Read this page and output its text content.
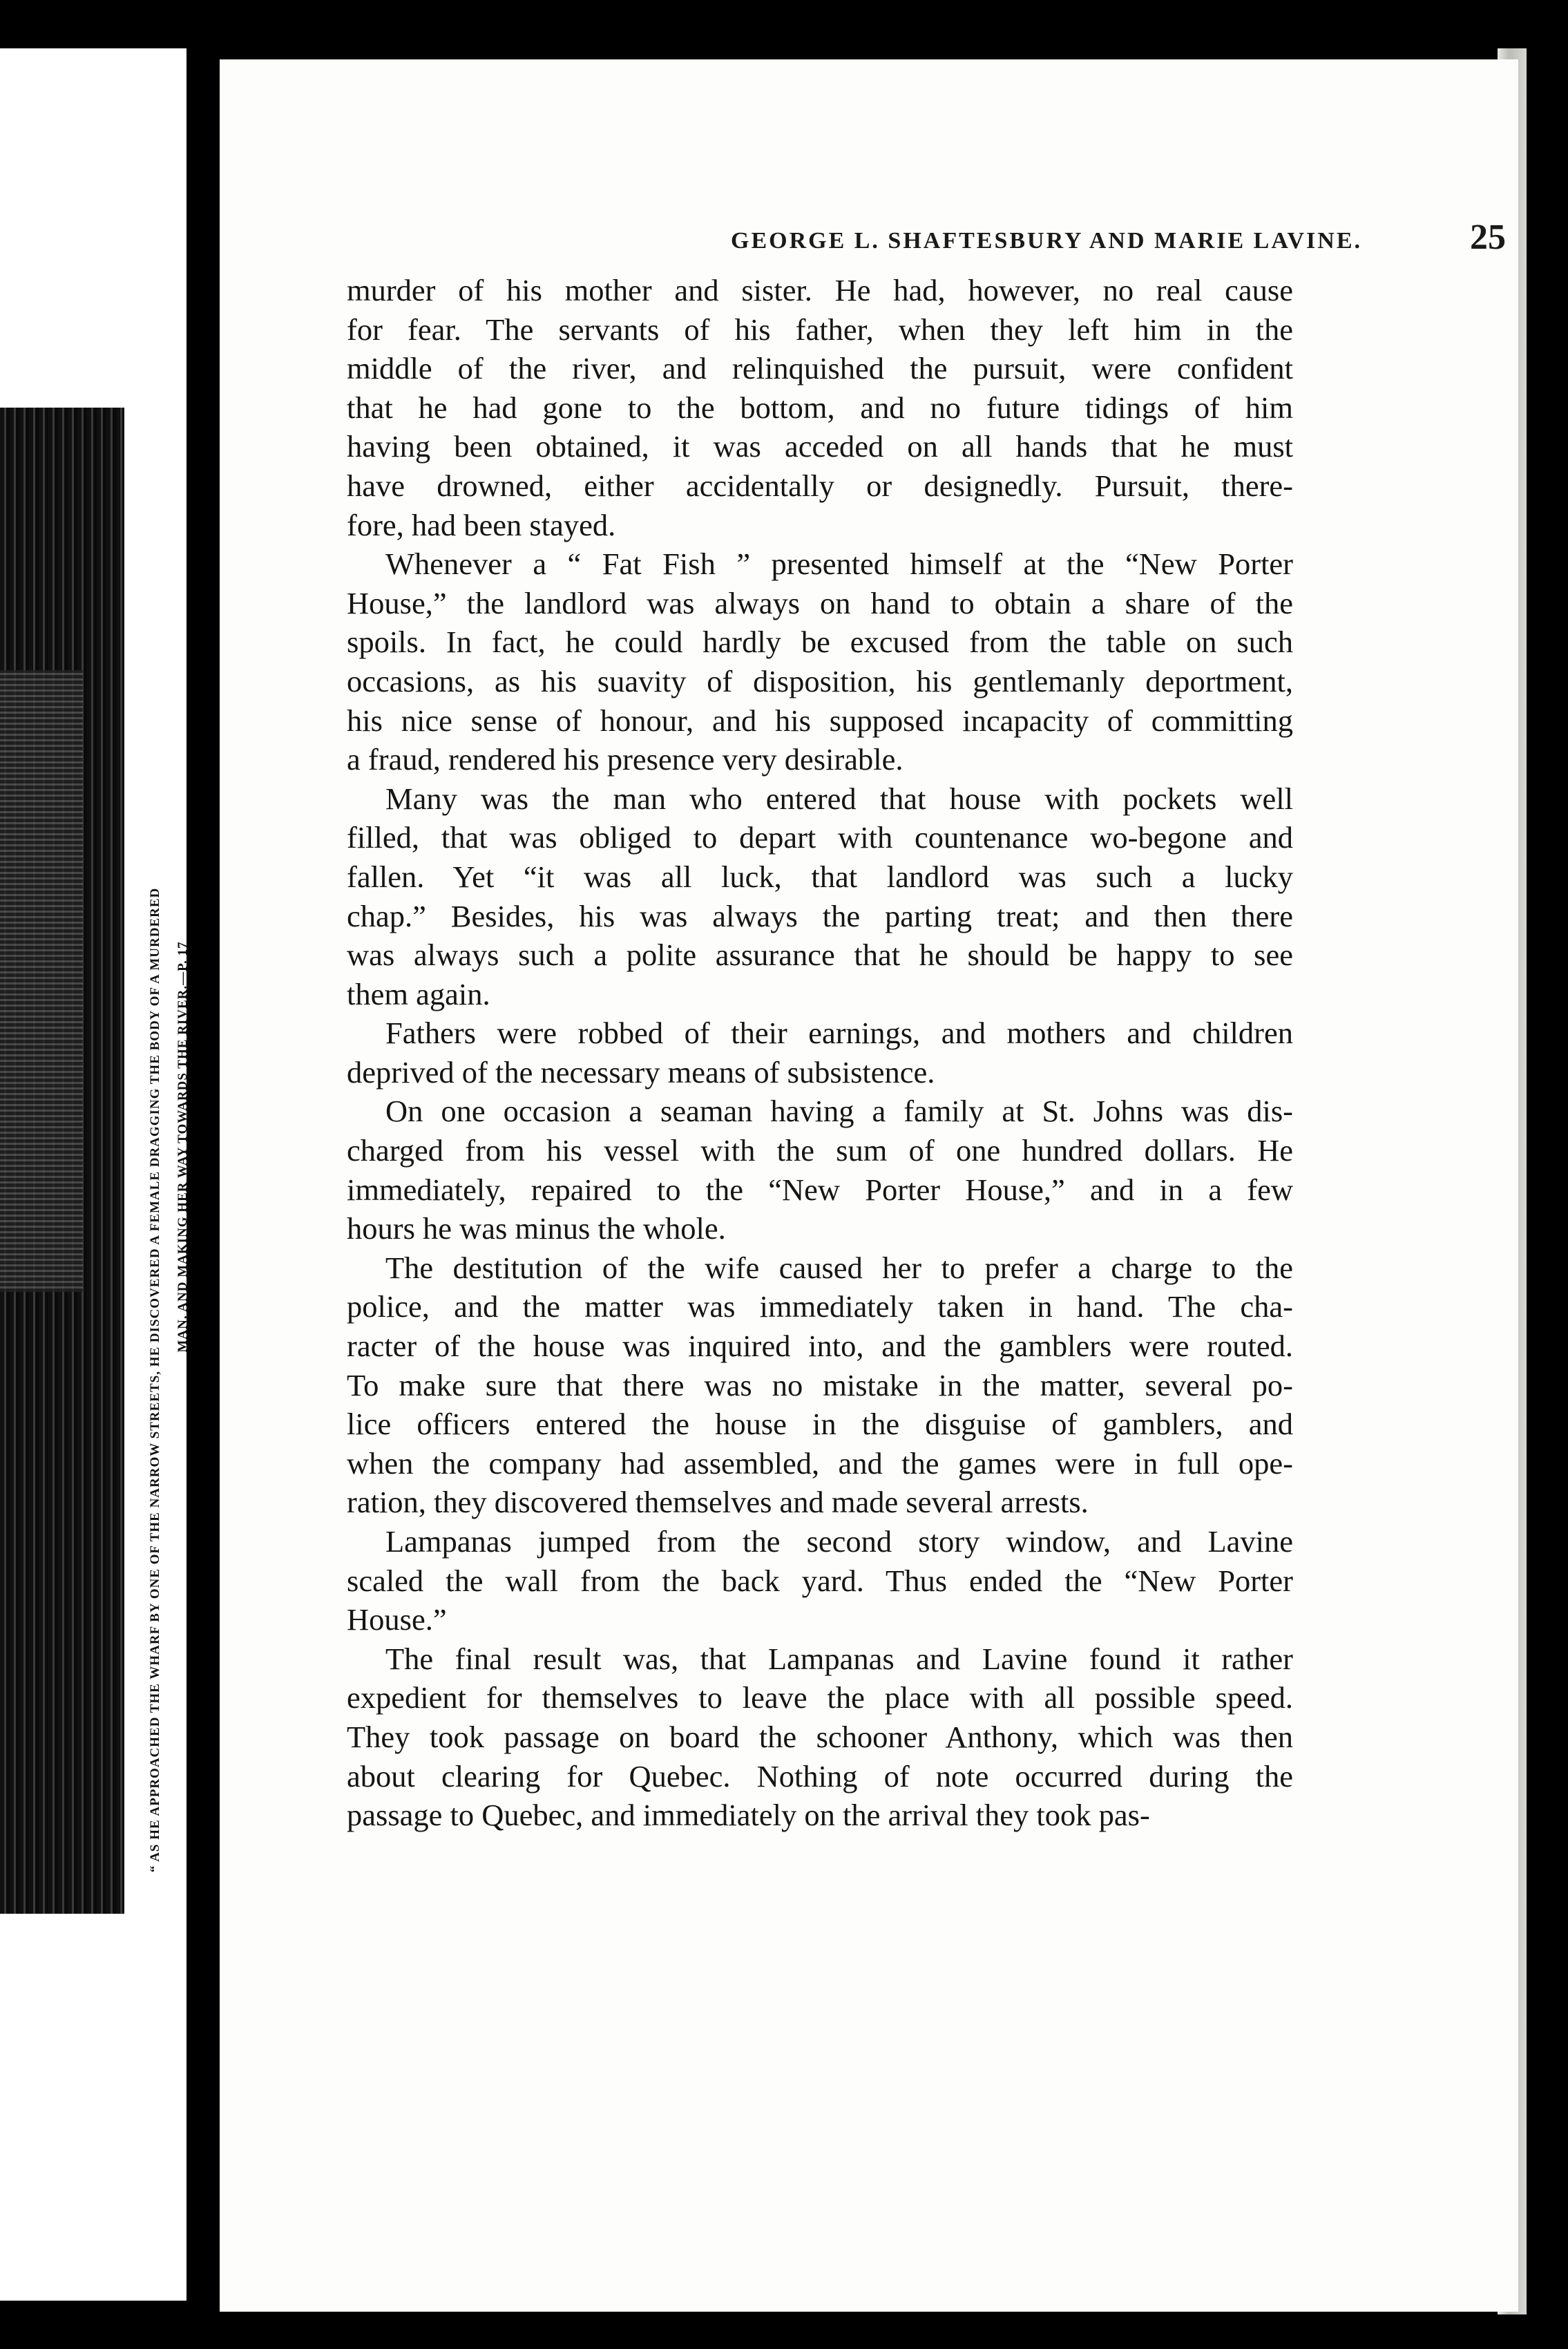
“ AS HE APPROACHED THE WHARF BY ONE OF THE NARROW STREETS, HE DISCOVERED A FEMALE DRAGGING THE BODY OF A MURDERED	MAN, AND MAKING HER WAY TOWARDS THE RIVER.—P. 17
GEORGE L. SHAFTESBURY AND MARIE LAVINE.	25

murder of his mother and sister. He had, however, no real cause
for fear. The servants of his father, when they left him in the
middle of the river, and relinquished the pursuit, were confident
that he had gone to the bottom, and no future tidings of him
having been obtained, it was acceded on all hands that he must
have drowned, either accidentally or designedly. Pursuit, there-
fore, had been stayed.

Whenever a “ Fat Fish ” presented himself at the “New Porter
House,” the landlord was always on hand to obtain a share of the
spoils. In fact, he could hardly be excused from the table on such
occasions, as his suavity of disposition, his gentlemanly deportment,
his nice sense of honour, and his supposed incapacity of committing
a fraud, rendered his presence very desirable.

Many was the man who entered that house with pockets well
filled, that was obliged to depart with countenance wo-begone and
fallen. Yet “it was all luck, that landlord was such a lucky
chap.” Besides, his was always the parting treat; and then there
was always such a polite assurance that he should be happy to see
them again.

Fathers were robbed of their earnings, and mothers and children
deprived of the necessary means of subsistence.

On one occasion a seaman having a family at St. Johns was dis-
charged from his vessel with the sum of one hundred dollars. He
immediately, repaired to the “New Porter House,” and in a few
hours he was minus the whole.

The destitution of the wife caused her to prefer a charge to the
police, and the matter was immediately taken in hand. The cha-
racter of the house was inquired into, and the gamblers were routed.
To make sure that there was no mistake in the matter, several po-
lice officers entered the house in the disguise of gamblers, and
when the company had assembled, and the games were in full ope-
ration, they discovered themselves and made several arrests.

Lampanas jumped from the second story window, and Lavine
scaled the wall from the back yard. Thus ended the “New Porter
House.”

The final result was, that Lampanas and Lavine found it rather
expedient for themselves to leave the place with all possible speed.
They took passage on board the schooner Anthony, which was then
about clearing for Quebec. Nothing of note occurred during the
passage to Quebec, and immediately on the arrival they took pas-
